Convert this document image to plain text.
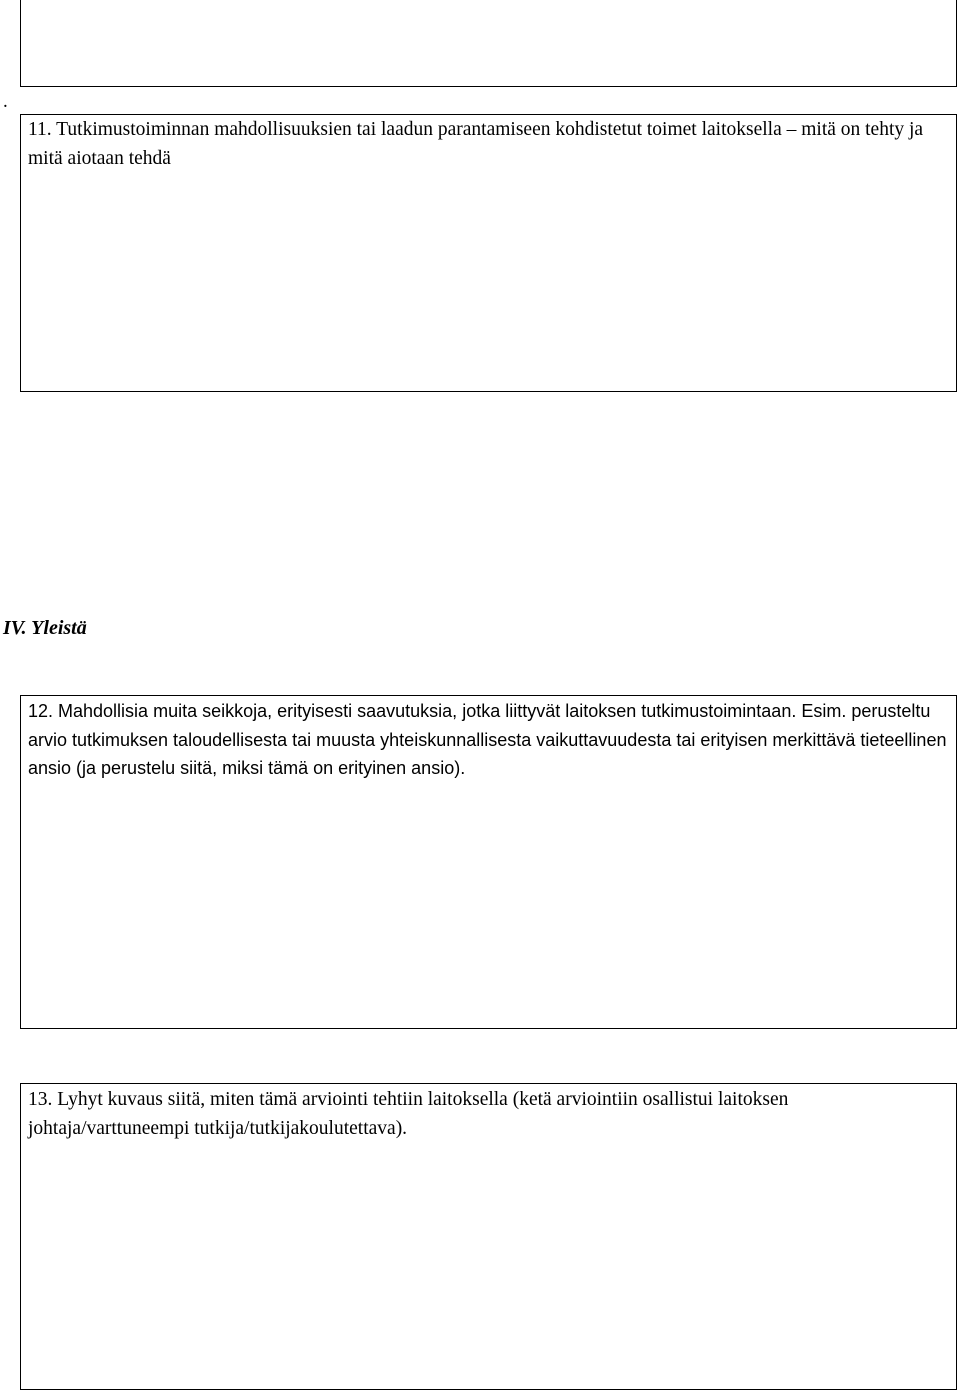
.
11. Tutkimustoiminnan mahdollisuuksien tai laadun parantamiseen kohdistetut toimet laitoksella – mitä on tehty ja mitä aiotaan tehdä
IV. Yleistä
12. Mahdollisia muita seikkoja, erityisesti saavutuksia, jotka liittyvät laitoksen tutkimustoimintaan. Esim. perusteltu arvio tutkimuksen taloudellisesta tai muusta yhteiskunnallisesta vaikuttavuudesta tai erityisen merkittävä tieteellinen ansio (ja perustelu siitä, miksi tämä on erityinen ansio).
13. Lyhyt kuvaus siitä, miten tämä arviointi tehtiin laitoksella (ketä arviointiin osallistui laitoksen johtaja/varttuneempi tutkija/tutkijakoulutettava).
